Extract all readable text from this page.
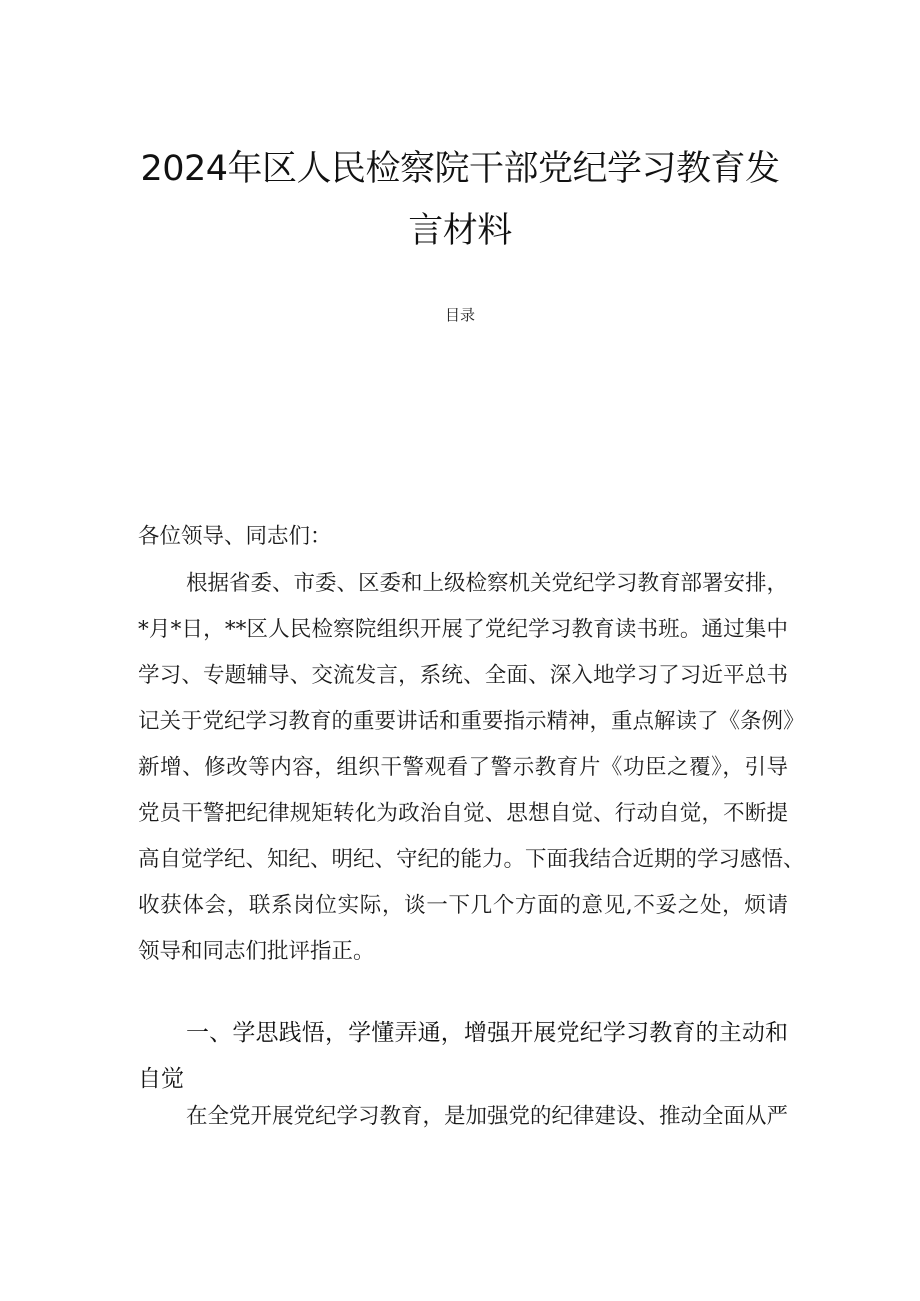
2024年区人民检察院干部党纪学习教育发
言材料
目录
各位领导、同志们：
根据省委、市委、区委和上级检察机关党纪学习教育部署安排，
*月*日，**区人民检察院组织开展了党纪学习教育读书班。通过集中
学习、专题辅导、交流发言，系统、全面、深入地学习了习近平总书
记关于党纪学习教育的重要讲话和重要指示精神，重点解读了《条例》
新增、修改等内容，组织干警观看了警示教育片《功臣之覆》，引导
党员干警把纪律规矩转化为政治自觉、思想自觉、行动自觉，不断提
高自觉学纪、知纪、明纪、守纪的能力。下面我结合近期的学习感悟、
收获体会，联系岗位实际，谈一下几个方面的意见,不妥之处，烦请
领导和同志们批评指正。
一、学思践悟，学懂弄通，增强开展党纪学习教育的主动和
自觉
在全党开展党纪学习教育，是加强党的纪律建设、推动全面从严
